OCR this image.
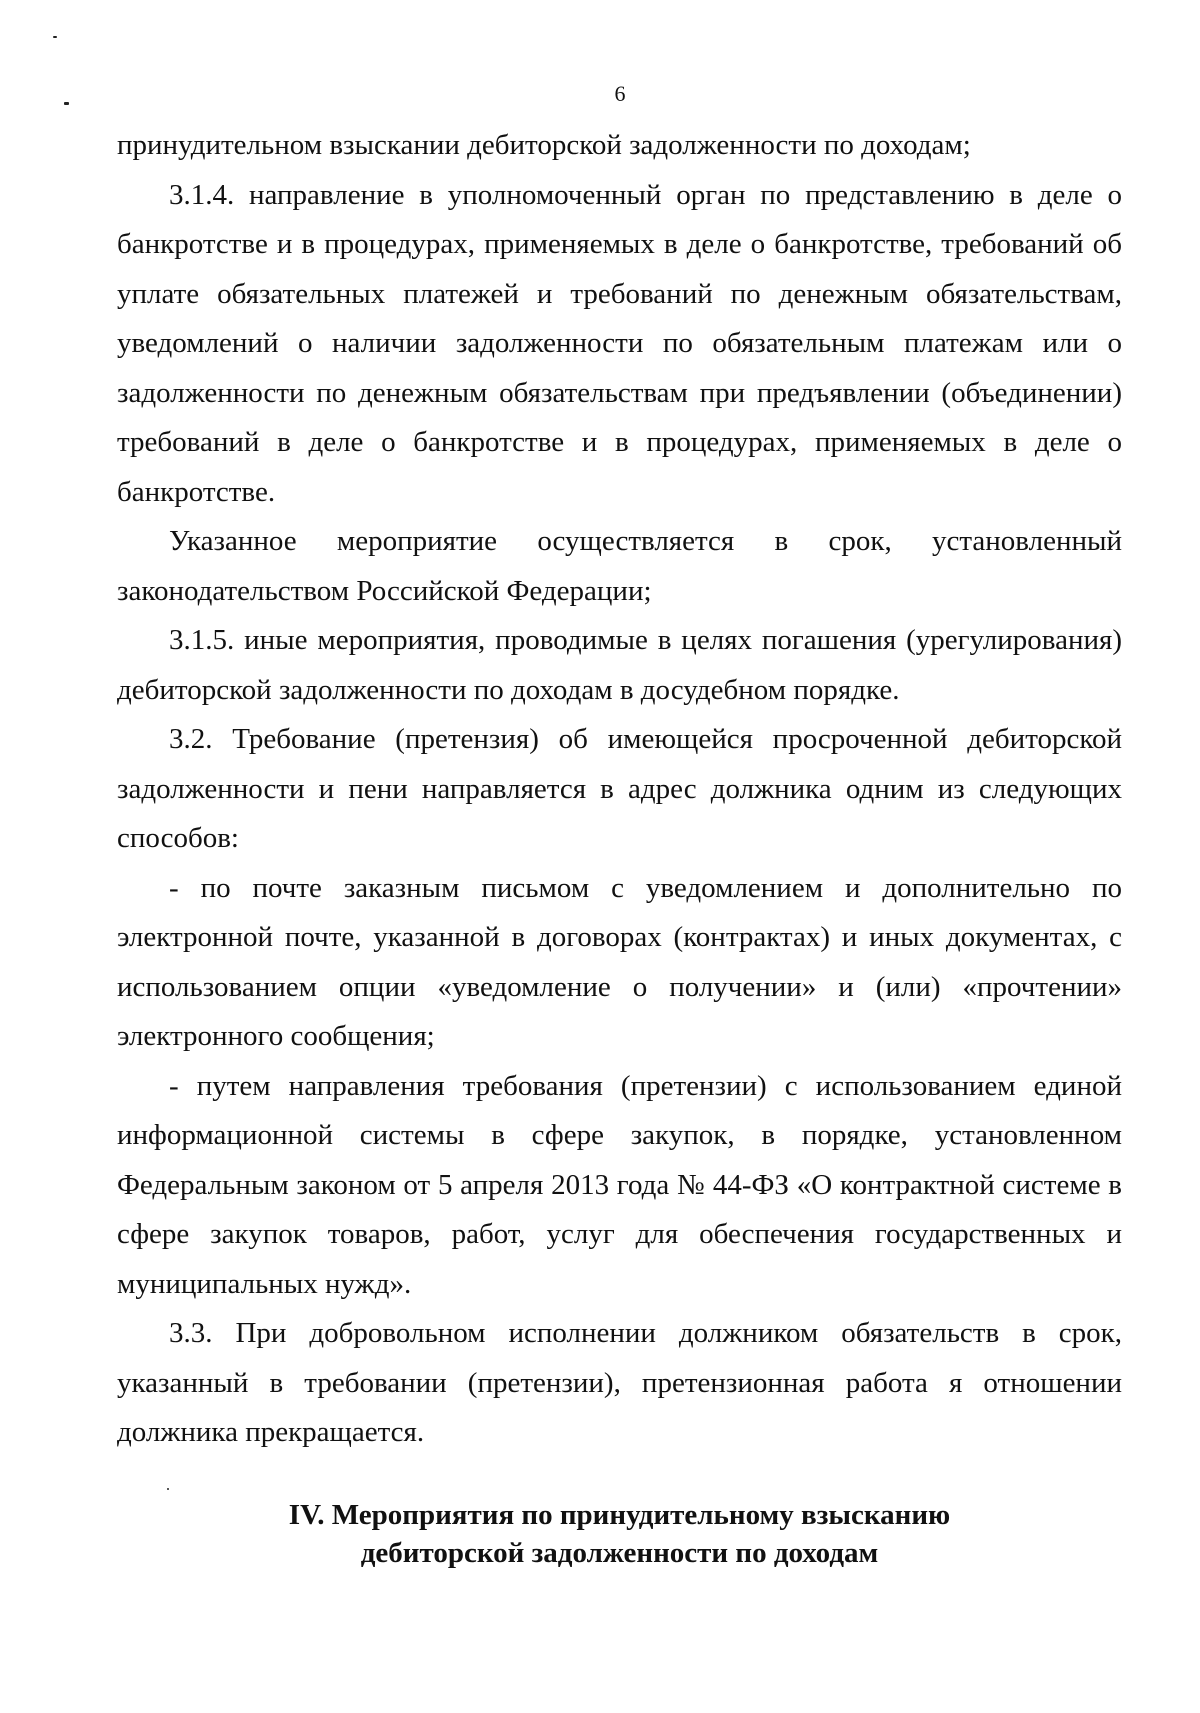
6

принудительном взыскании дебиторской задолженности по доходам;

3.1.4. направление в уполномоченный орган по представлению в деле о банкротстве и в процедурах, применяемых в деле о банкротстве, требований об уплате обязательных платежей и требований по денежным обязательствам, уведомлений о наличии задолженности по обязательным платежам или о задолженности по денежным обязательствам при предъявлении (объединении) требований в деле о банкротстве и в процедурах, применяемых в деле о банкротстве.

Указанное мероприятие осуществляется в срок, установленный законодательством Российской Федерации;

3.1.5. иные мероприятия, проводимые в целях погашения (урегулирования) дебиторской задолженности по доходам в досудебном порядке.

3.2. Требование (претензия) об имеющейся просроченной дебиторской задолженности и пени направляется в адрес должника одним из следующих способов:

- по почте заказным письмом с уведомлением и дополнительно по электронной почте, указанной в договорах (контрактах) и иных документах, с использованием опции «уведомление о получении» и (или) «прочтении» электронного сообщения;

- путем направления требования (претензии) с использованием единой информационной системы в сфере закупок, в порядке, установленном Федеральным законом от 5 апреля 2013 года № 44-ФЗ «О контрактной системе в сфере закупок товаров, работ, услуг для обеспечения государственных и муниципальных нужд».

3.3. При добровольном исполнении должником обязательств в срок, указанный в требовании (претензии), претензионная работа я отношении должника прекращается.

IV. Мероприятия по принудительному взысканию
дебиторской задолженности по доходам
